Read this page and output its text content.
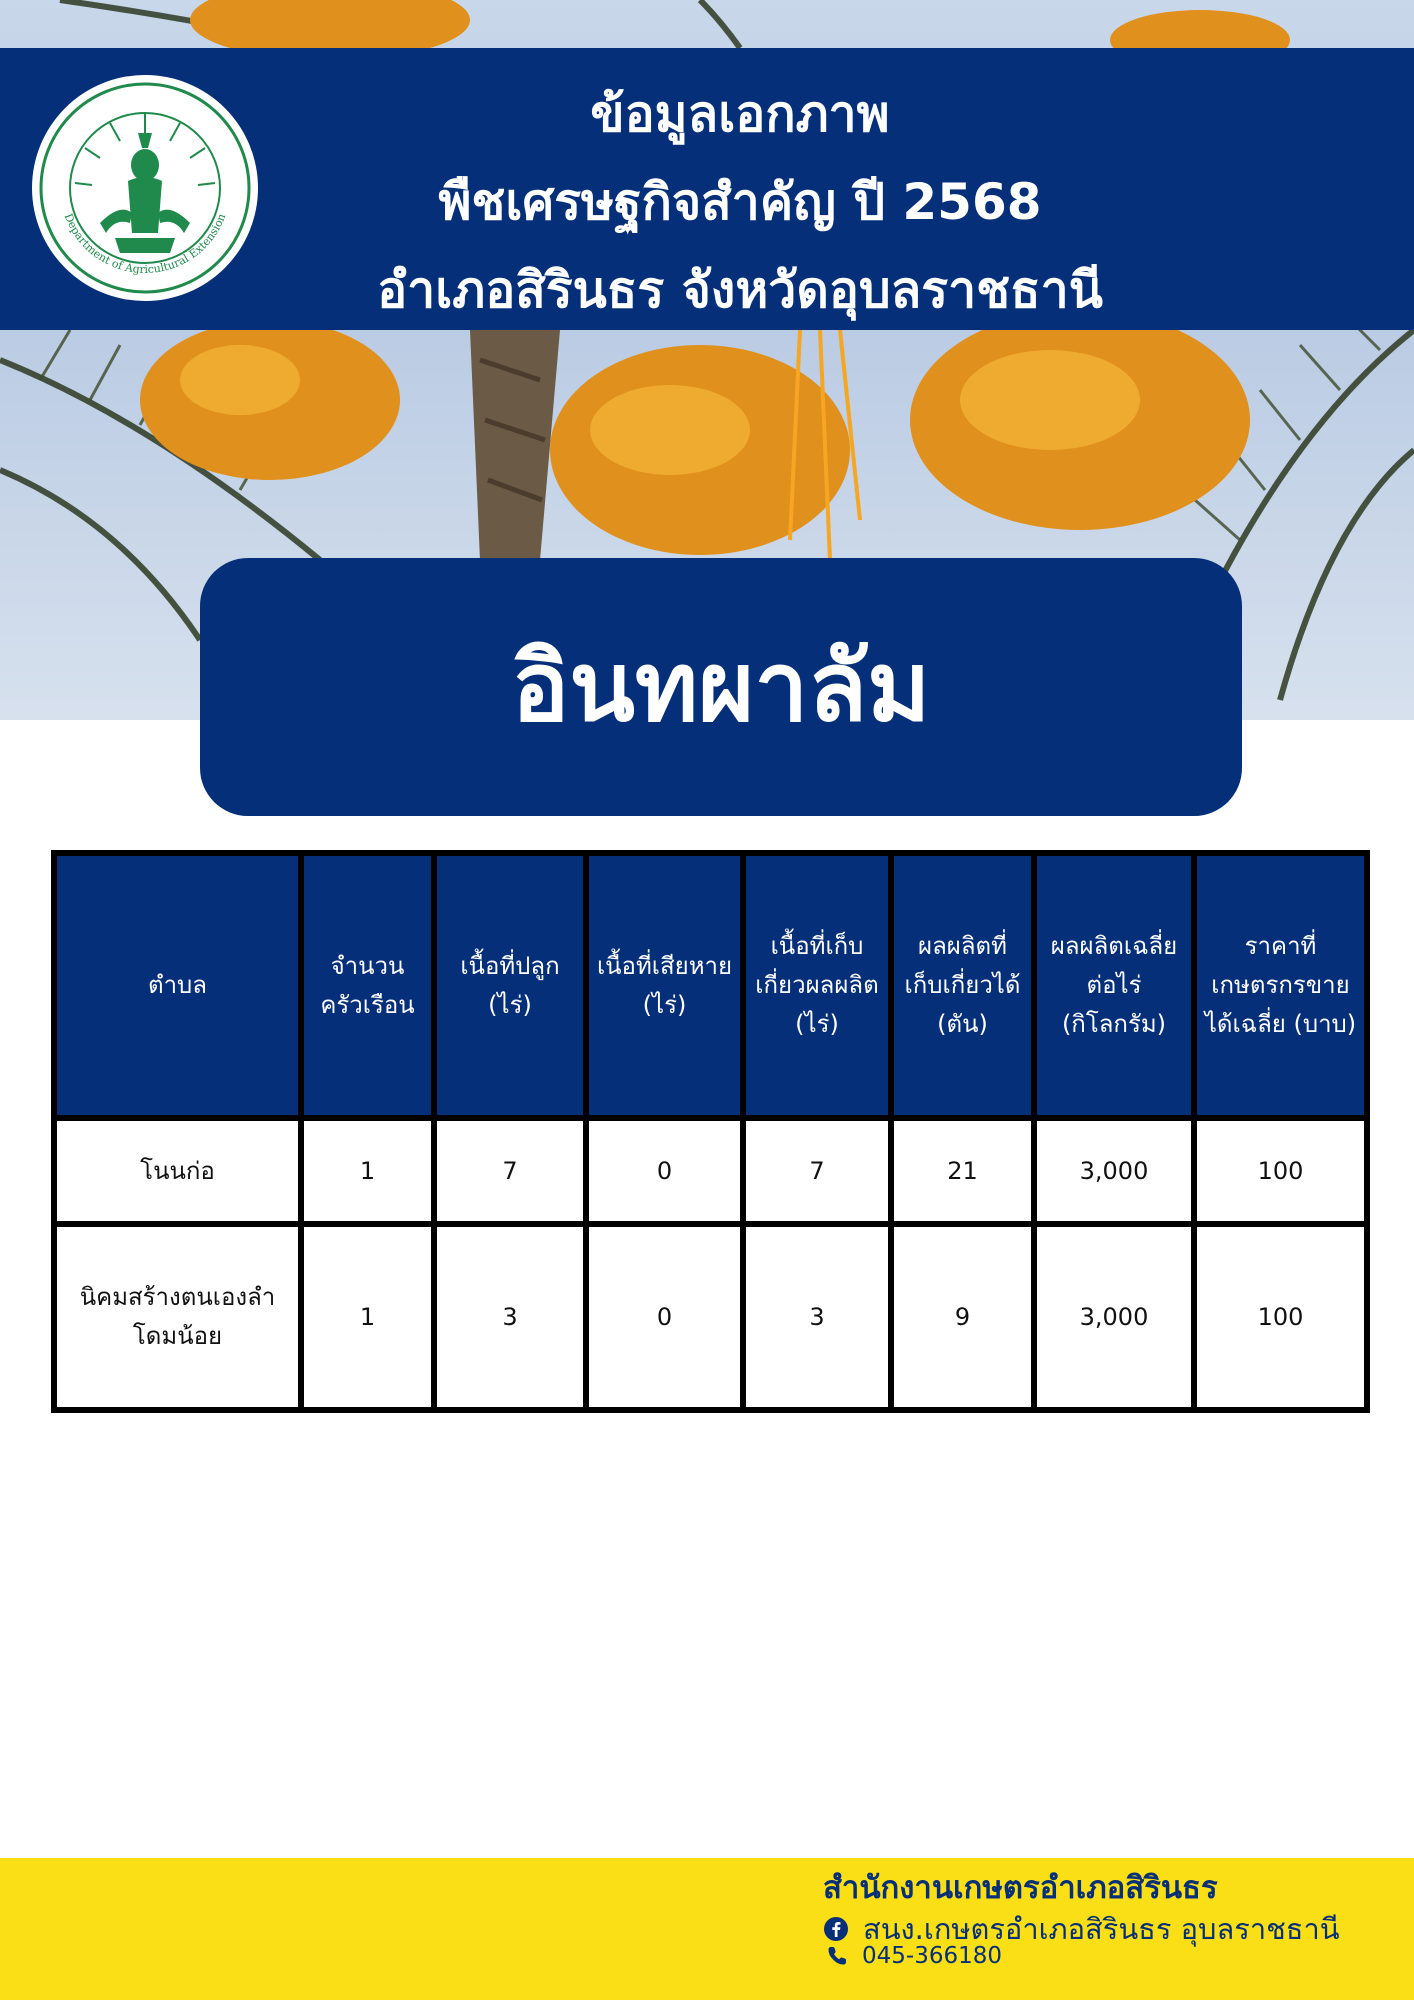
Department of Agricultural Extension
ข้อมูลเอกภาพ
พืชเศรษฐกิจสำคัญ ปี 2568
อำเภอสิรินธร จังหวัดอุบลราชธานี
อินทผาลัม
ตำบล	จำนวนครัวเรือน	เนื้อที่ปลูก (ไร่)	เนื้อที่เสียหาย (ไร่)	เนื้อที่เก็บเกี่ยวผลผลิต (ไร่)	ผลผลิตที่เก็บเกี่ยวได้ (ตัน)	ผลผลิตเฉลี่ยต่อไร่ (กิโลกรัม)	ราคาที่เกษตรกรขายได้เฉลี่ย (บาบ)
โนนก่อ	1	7	0	7	21	3,000	100
นิคมสร้างตนเองลำโดมน้อย	1	3	0	3	9	3,000	100
สำนักงานเกษตรอำเภอสิรินธร
สนง.เกษตรอำเภอสิรินธร อุบลราชธานี
045-366180
